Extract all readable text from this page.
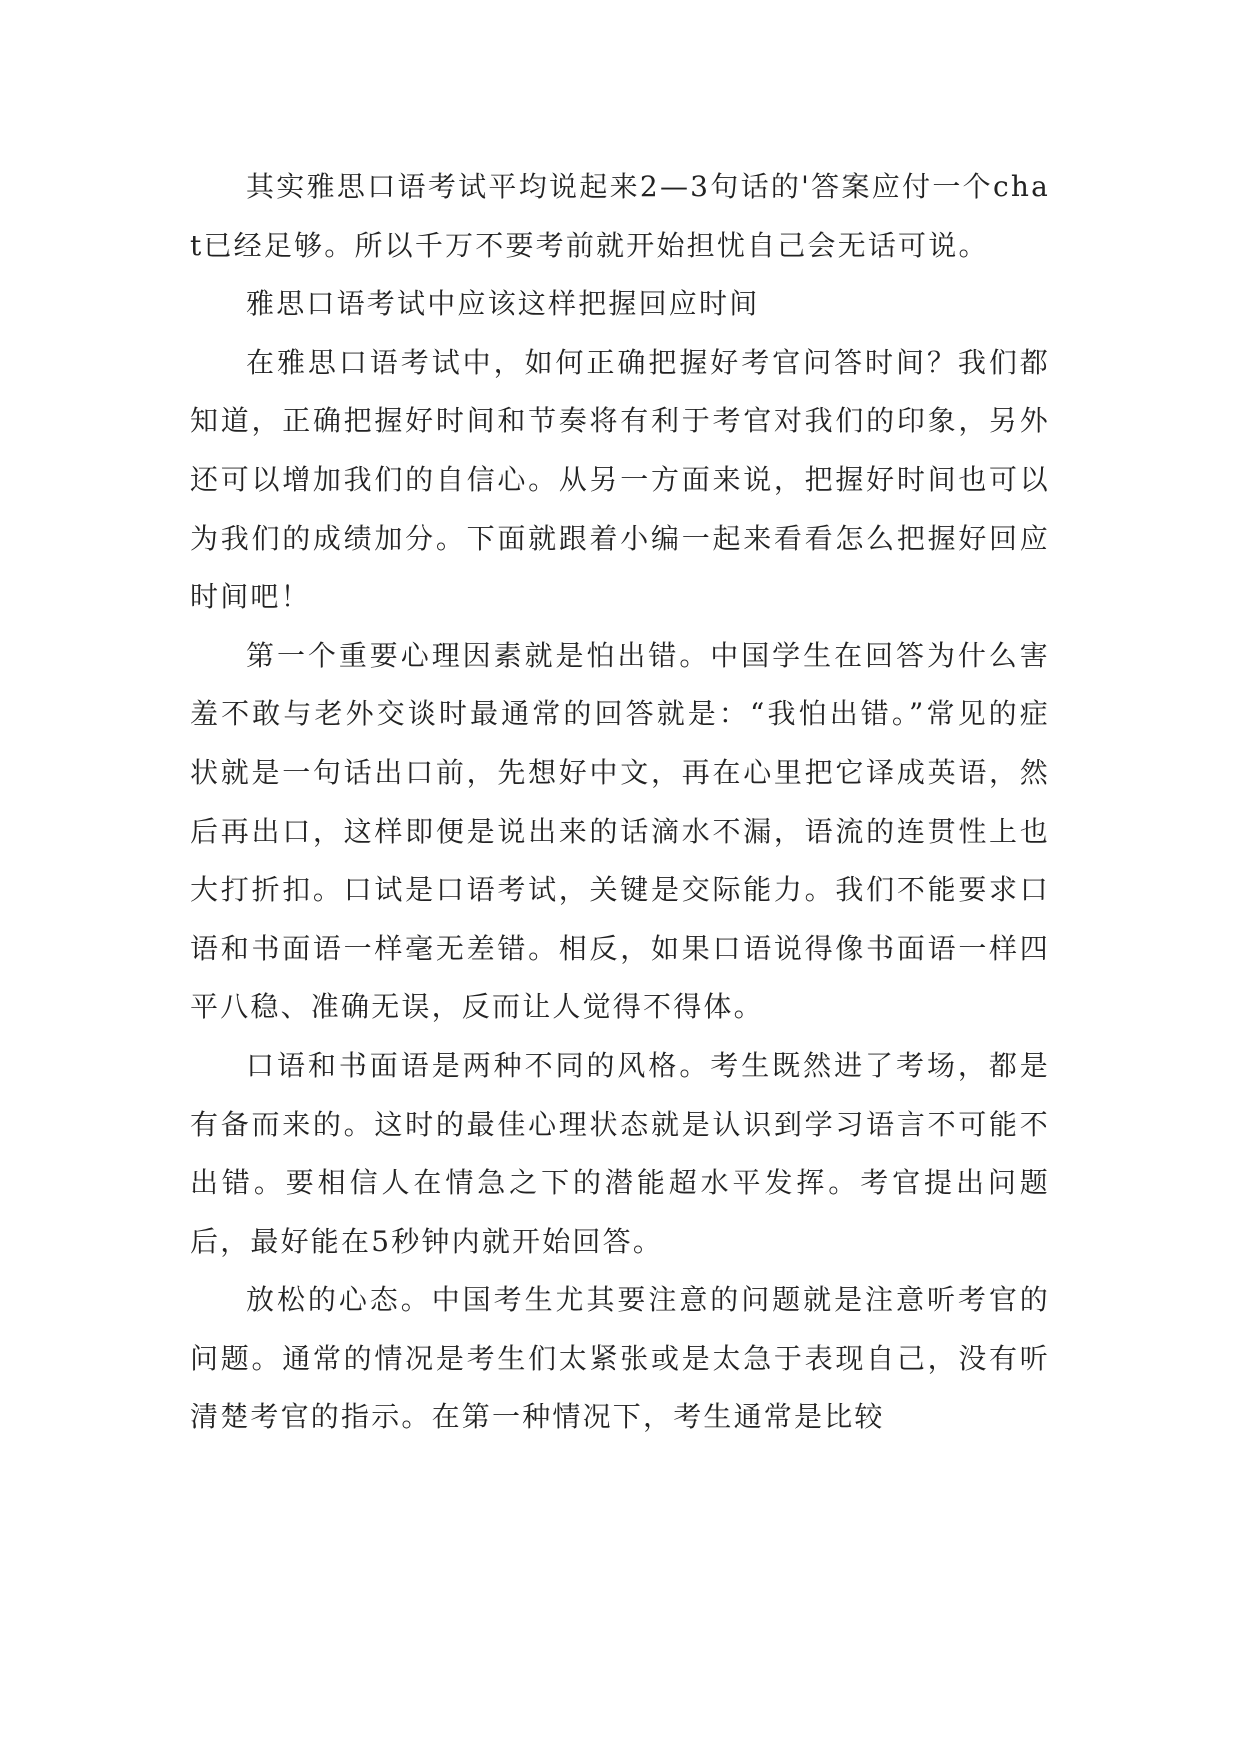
其实雅思口语考试平均说起来2—3句话的'答案应付一个chat已经足够。所以千万不要考前就开始担忧自己会无话可说。

雅思口语考试中应该这样把握回应时间

在雅思口语考试中，如何正确把握好考官问答时间？我们都知道，正确把握好时间和节奏将有利于考官对我们的印象，另外还可以增加我们的自信心。从另一方面来说，把握好时间也可以为我们的成绩加分。下面就跟着小编一起来看看怎么把握好回应时间吧！

第一个重要心理因素就是怕出错。中国学生在回答为什么害羞不敢与老外交谈时最通常的回答就是：“我怕出错。”常见的症状就是一句话出口前，先想好中文，再在心里把它译成英语，然后再出口，这样即便是说出来的话滴水不漏，语流的连贯性上也大打折扣。口试是口语考试，关键是交际能力。我们不能要求口语和书面语一样毫无差错。相反，如果口语说得像书面语一样四平八稳、准确无误，反而让人觉得不得体。

口语和书面语是两种不同的风格。考生既然进了考场，都是有备而来的。这时的最佳心理状态就是认识到学习语言不可能不出错。要相信人在情急之下的潜能超水平发挥。考官提出问题后，最好能在5秒钟内就开始回答。

放松的心态。中国考生尤其要注意的问题就是注意听考官的问题。通常的情况是考生们太紧张或是太急于表现自己，没有听清楚考官的指示。在第一种情况下，考生通常是比较
